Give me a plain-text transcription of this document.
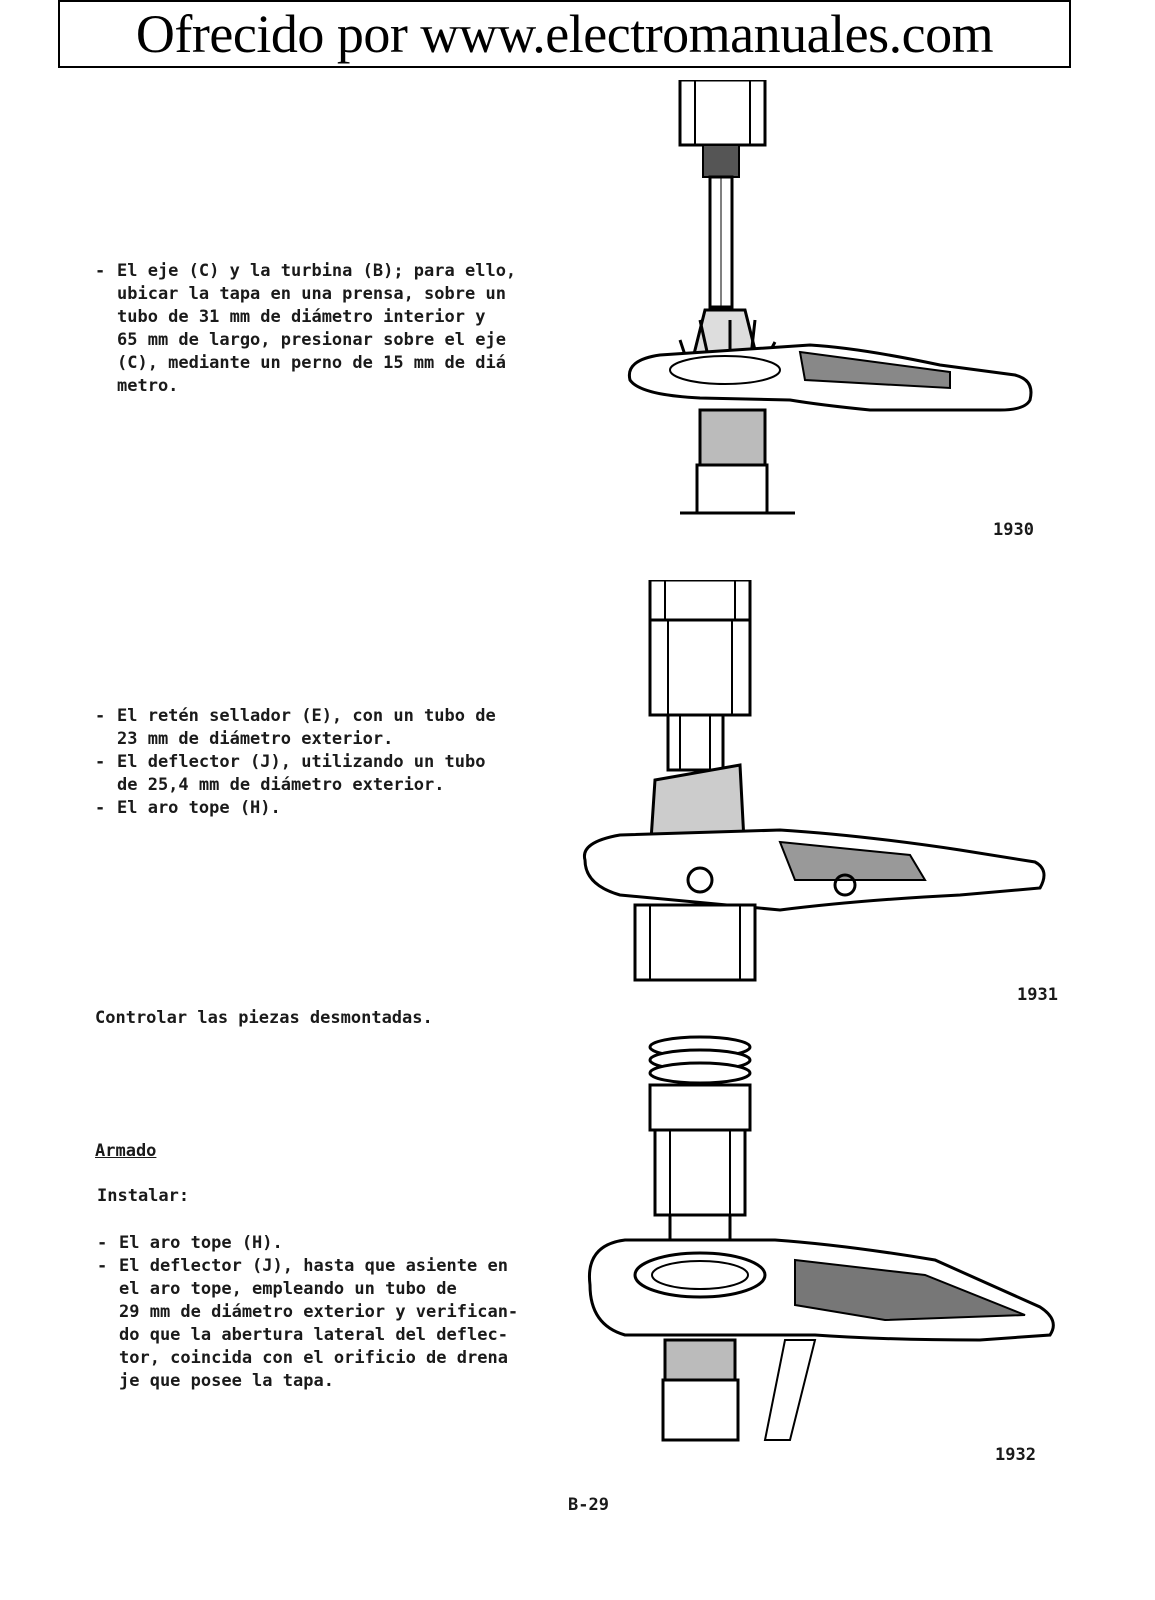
Ofrecido por www.electromanuales.com
- El eje (C) y la turbina (B); para ello,
ubicar la tapa en una prensa, sobre un
tubo de 31 mm de diámetro interior y
65 mm de largo, presionar sobre el eje
(C), mediante un perno de 15 mm de diá
metro.
1930
- El retén sellador (E), con un tubo de
23 mm de diámetro exterior.
- El deflector (J), utilizando un tubo
de 25,4 mm de diámetro exterior.
- El aro tope (H).
1931
Controlar las piezas desmontadas.
Armado
Instalar:
- El aro tope (H).
- El deflector (J), hasta que asiente en
el aro tope, empleando un tubo de
29 mm de diámetro exterior y verifican-
do que la abertura lateral del deflec-
tor, coincida con el orificio de drena
je que posee la tapa.
1932
B-29
